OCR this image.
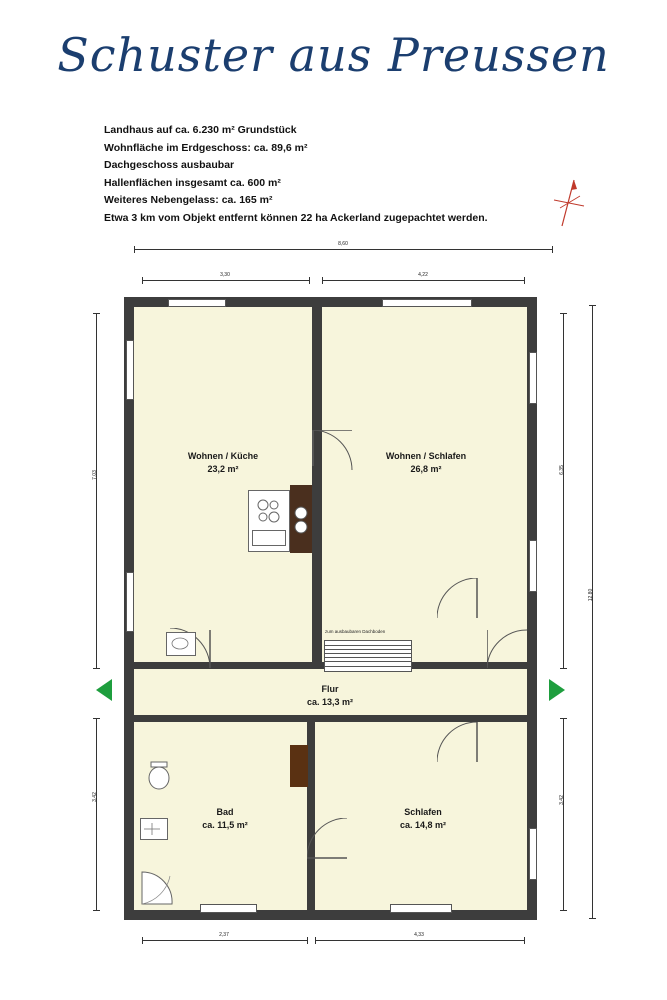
Schuster aus Preussen
Landhaus auf ca. 6.230 m² Grundstück
Wohnfläche im Erdgeschoss: ca. 89,6 m²
Dachgeschoss ausbaubar
Hallenflächen insgesamt ca. 600 m²
Weiteres Nebengelass: ca. 165 m²
Etwa 3 km vom Objekt entfernt können 22 ha Ackerland zugepachtet werden.
8,60
3,30	4,22
12,80
6,35
3,42
7,03
3,42
2,37	4,33
zum ausbaubaren Dachboden
Wohnen / Küche
23,2 m²
Wohnen / Schlafen
26,8 m²
Flur
ca. 13,3 m²
Bad
ca. 11,5 m²
Schlafen
ca. 14,8 m²
